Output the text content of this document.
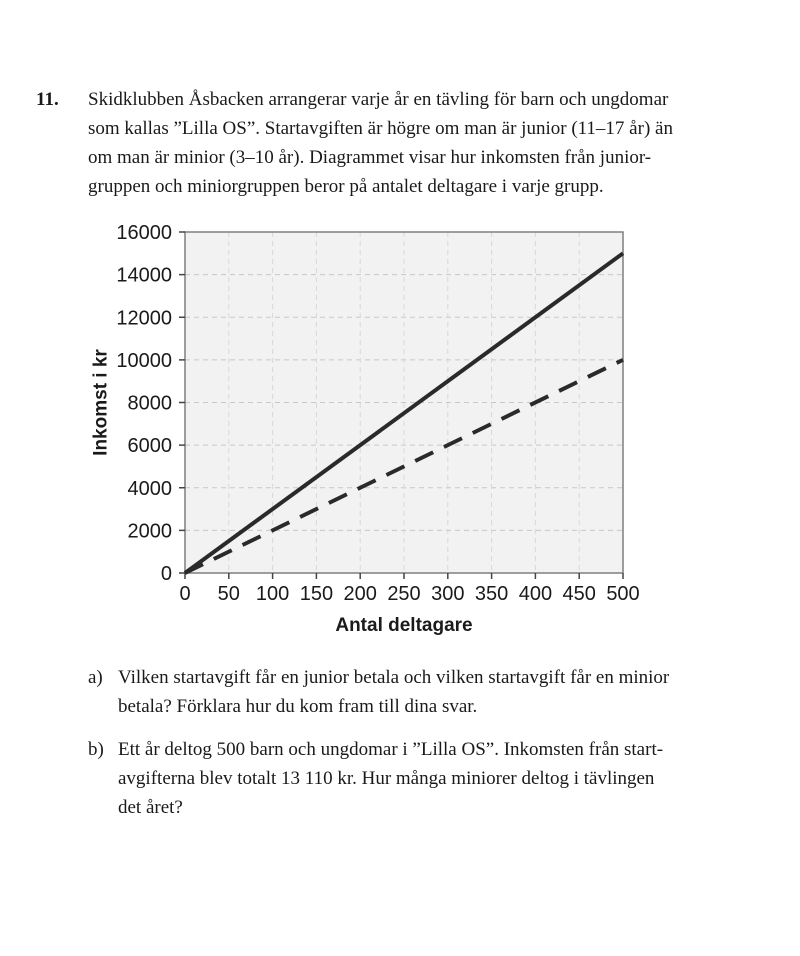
11. Skidklubben Åsbacken arrangerar varje år en tävling för barn och ungdomar
som kallas ”Lilla OS”. Startavgiften är högre om man är junior (11–17 år) än
om man är minior (3–10 år). Diagrammet visar hur inkomsten från junior-
gruppen och miniorgruppen beror på antalet deltagare i varje grupp.
0
2000
4000
6000
8000
10000
12000
14000
16000
0 50 100 150 200 250 300 350 400 450 500
Antal deltagare
Inkomst i kr
a) Vilken startavgift får en junior betala och vilken startavgift får en minior
betala? Förklara hur du kom fram till dina svar.
b) Ett år deltog 500 barn och ungdomar i ”Lilla OS”. Inkomsten från start-
avgifterna blev totalt 13 110 kr. Hur många miniorer deltog i tävlingen
det året?
